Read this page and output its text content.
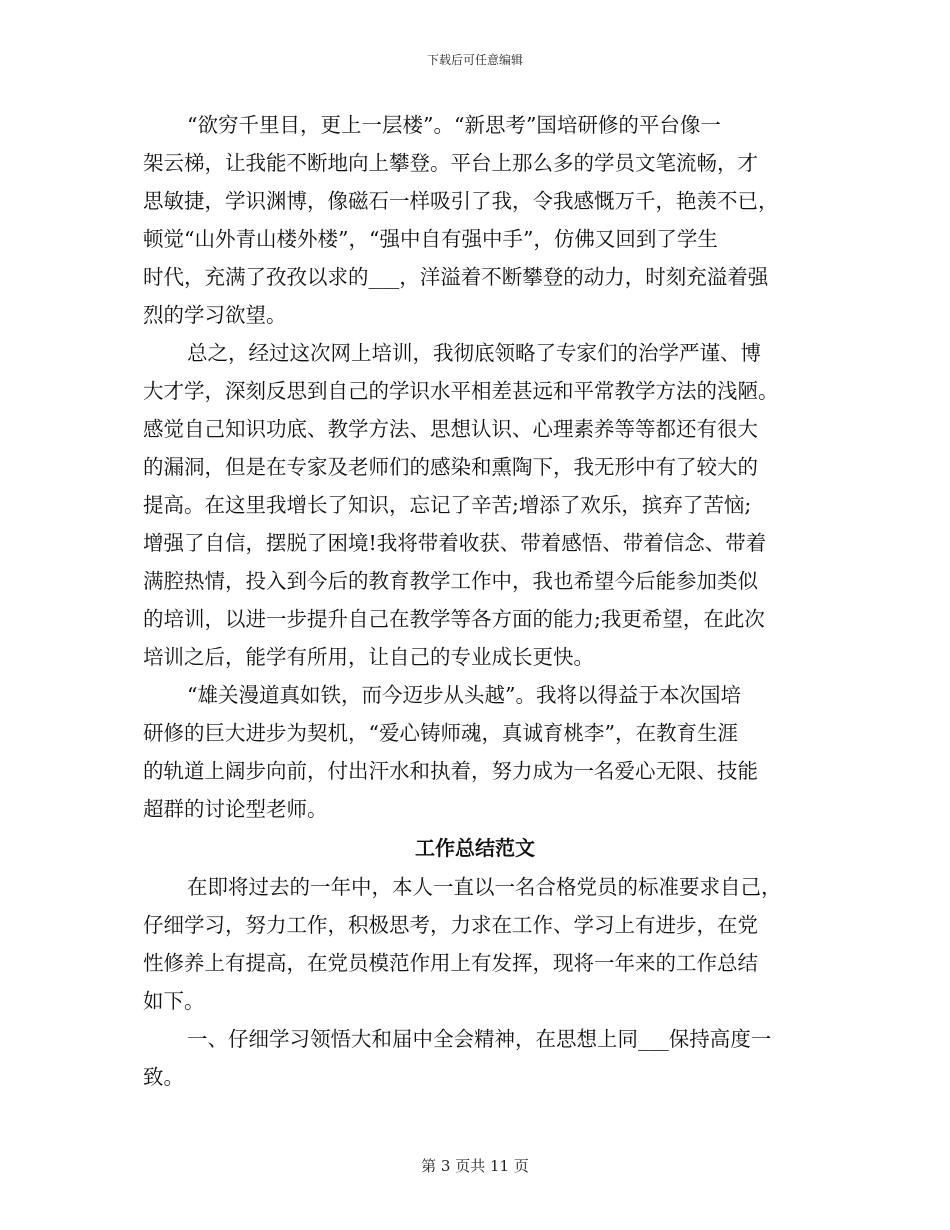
下载后可任意编辑
“欲穷千里目，更上一层楼”。“新思考”国培研修的平台像一
架云梯，让我能不断地向上攀登。平台上那么多的学员文笔流畅，才
思敏捷，学识渊博，像磁石一样吸引了我，令我感慨万千，艳羡不已，
顿觉“山外青山楼外楼”，“强中自有强中手”，仿佛又回到了学生
时代，充满了孜孜以求的___，洋溢着不断攀登的动力，时刻充溢着强
烈的学习欲望。
总之，经过这次网上培训，我彻底领略了专家们的治学严谨、博
大才学，深刻反思到自己的学识水平相差甚远和平常教学方法的浅陋。
感觉自己知识功底、教学方法、思想认识、心理素养等等都还有很大
的漏洞，但是在专家及老师们的感染和熏陶下，我无形中有了较大的
提高。在这里我增长了知识，忘记了辛苦;增添了欢乐，摈弃了苦恼;
增强了自信，摆脱了困境!我将带着收获、带着感悟、带着信念、带着
满腔热情，投入到今后的教育教学工作中，我也希望今后能参加类似
的培训，以进一步提升自己在教学等各方面的能力;我更希望，在此次
培训之后，能学有所用，让自己的专业成长更快。
“雄关漫道真如铁，而今迈步从头越”。我将以得益于本次国培
研修的巨大进步为契机，“爱心铸师魂，真诚育桃李”，在教育生涯
的轨道上阔步向前，付出汗水和执着，努力成为一名爱心无限、技能
超群的讨论型老师。
工作总结范文
在即将过去的一年中，本人一直以一名合格党员的标准要求自己，
仔细学习，努力工作，积极思考，力求在工作、学习上有进步，在党
性修养上有提高，在党员模范作用上有发挥，现将一年来的工作总结
如下。
一、仔细学习领悟大和届中全会精神，在思想上同___保持高度一
致。
第 3 页共 11 页
